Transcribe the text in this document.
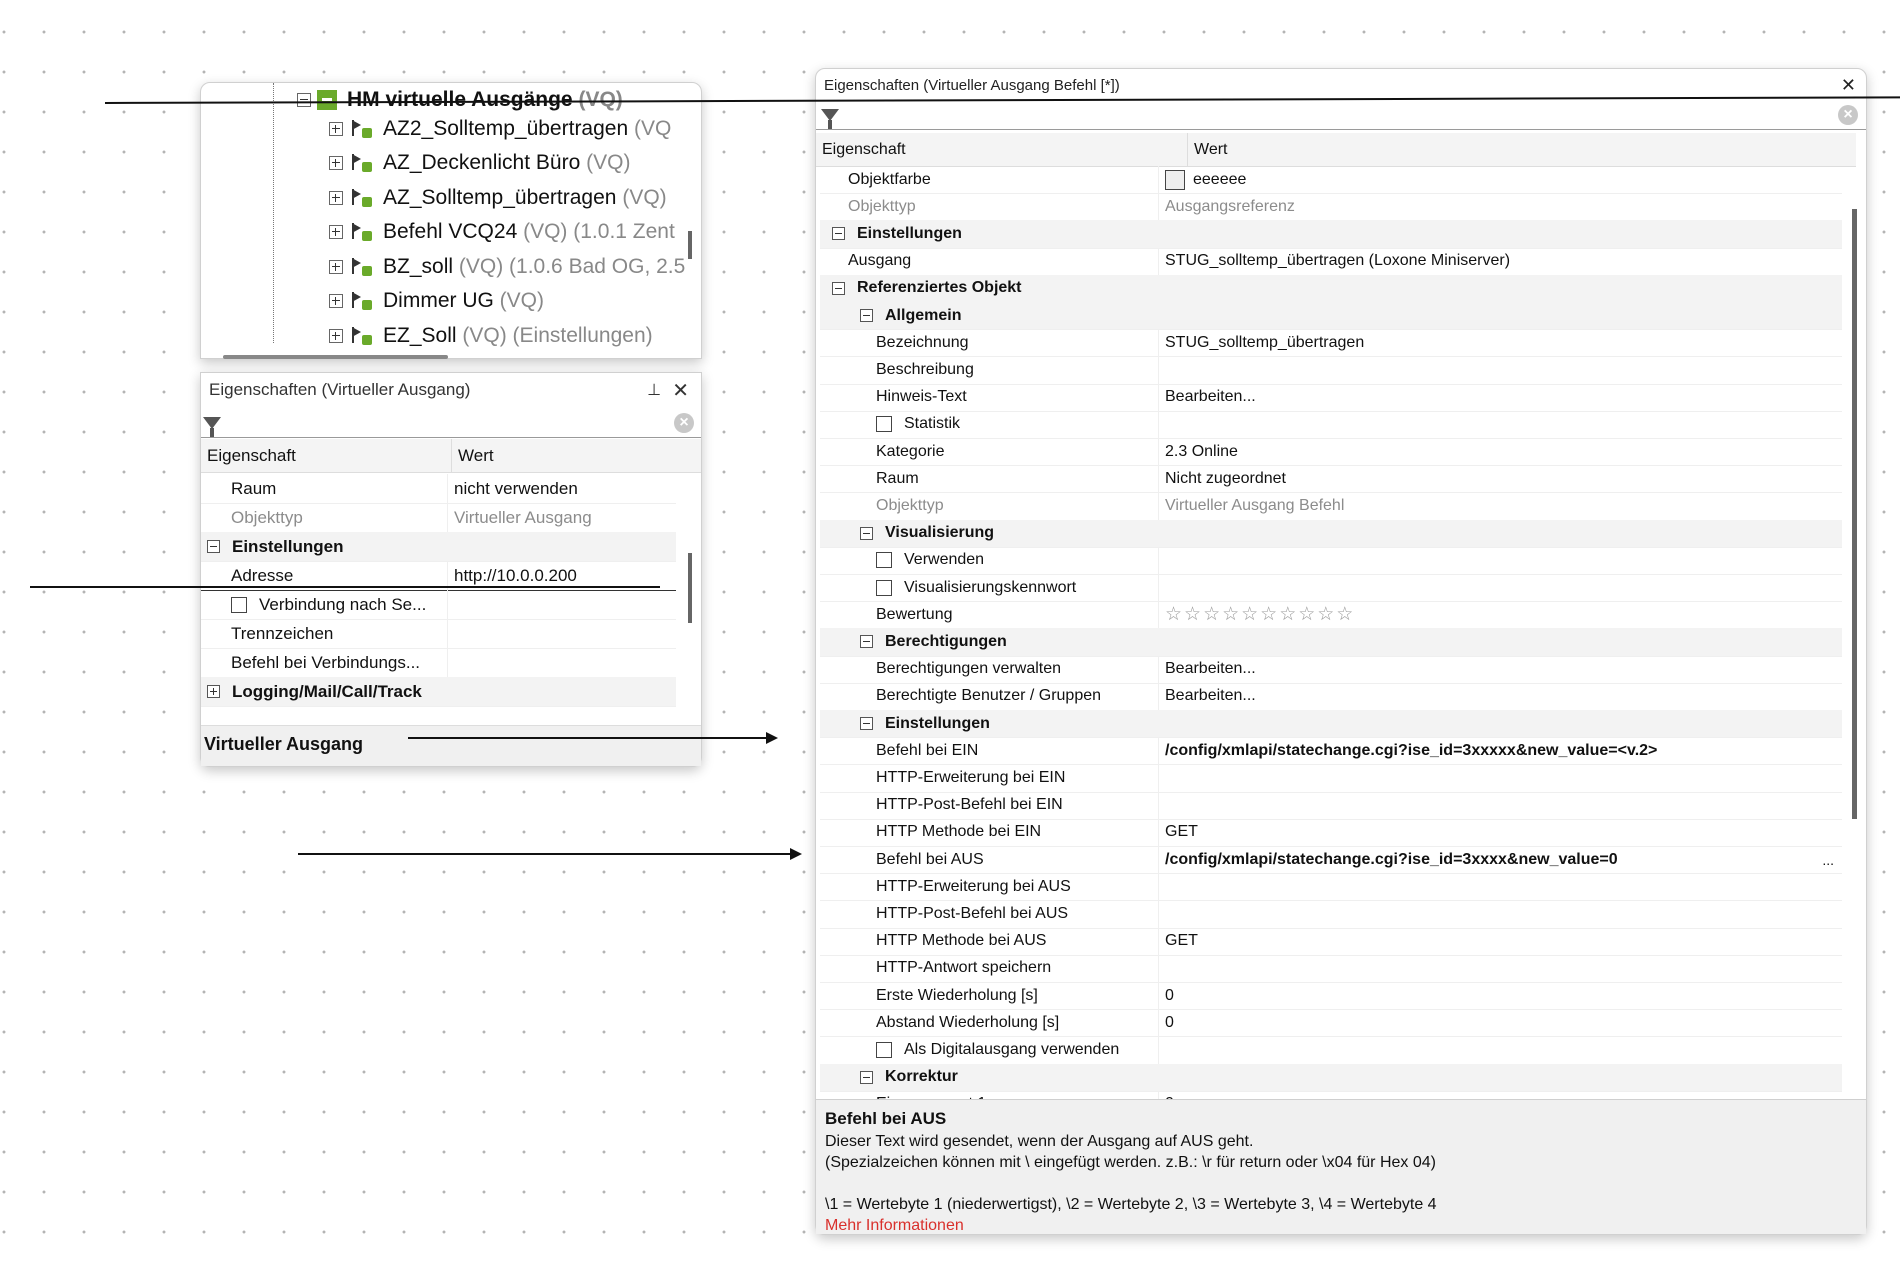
HM virtuelle Ausgänge
(VQ)
AZ2_Solltemp_übertragen
(VQ
AZ_Deckenlicht Büro
(VQ)
AZ_Solltemp_übertragen
(VQ)
Befehl VCQ24
(VQ) (1.0.1 Zent
BZ_soll
(VQ) (1.0.6 Bad OG, 2.5
Dimmer UG
(VQ)
EZ_Soll
(VQ) (Einstellungen)
Eigenschaften (Virtueller Ausgang)	⊥ ✕
×
Eigenschaft	Wert
Raum	nicht verwenden
Objekttyp	Virtueller Ausgang
Einstellungen
Adresse	http://10.0.0.200
Verbindung nach Se...
Trennzeichen
Befehl bei Verbindungs...
Logging/Mail/Call/Track
Virtueller Ausgang
Eigenschaften (Virtueller Ausgang Befehl [*])	✕
×
Eigenschaft	Wert
Objektfarbe	eeeeee
Objekttyp	Ausgangsreferenz
Einstellungen
Ausgang	STUG_solltemp_übertragen (Loxone Miniserver)
Referenziertes Objekt
Allgemein
Bezeichnung	STUG_solltemp_übertragen
Beschreibung
Hinweis-Text	Bearbeiten...
Statistik
Kategorie	2.3 Online
Raum	Nicht zugeordnet
Objekttyp	Virtueller Ausgang Befehl
Visualisierung
Verwenden
Visualisierungskennwort
Bewertung	☆☆☆☆☆☆☆☆☆☆
Berechtigungen
Berechtigungen verwalten	Bearbeiten...
Berechtigte Benutzer / Gruppen	Bearbeiten...
Einstellungen
Befehl bei EIN	/config/xmlapi/statechange.cgi?ise_id=3xxxxx&new_value=<v.2>
HTTP-Erweiterung bei EIN
HTTP-Post-Befehl bei EIN
HTTP Methode bei EIN	GET
Befehl bei AUS	/config/xmlapi/statechange.cgi?ise_id=3xxxx&new_value=0	...
HTTP-Erweiterung bei AUS
HTTP-Post-Befehl bei AUS
HTTP Methode bei AUS	GET
HTTP-Antwort speichern
Erste Wiederholung [s]	0
Abstand Wiederholung [s]	0
Als Digitalausgang verwenden
Korrektur
Befehl bei AUS
Dieser Text wird gesendet, wenn der Ausgang auf AUS geht.
(Spezialzeichen können mit \ eingefügt werden. z.B.: \r für return oder \x04 für Hex 04)
\1 = Wertebyte 1 (niederwertigst), \2 = Wertebyte 2, \3 = Wertebyte 3, \4 = Wertebyte 4
Mehr Informationen
